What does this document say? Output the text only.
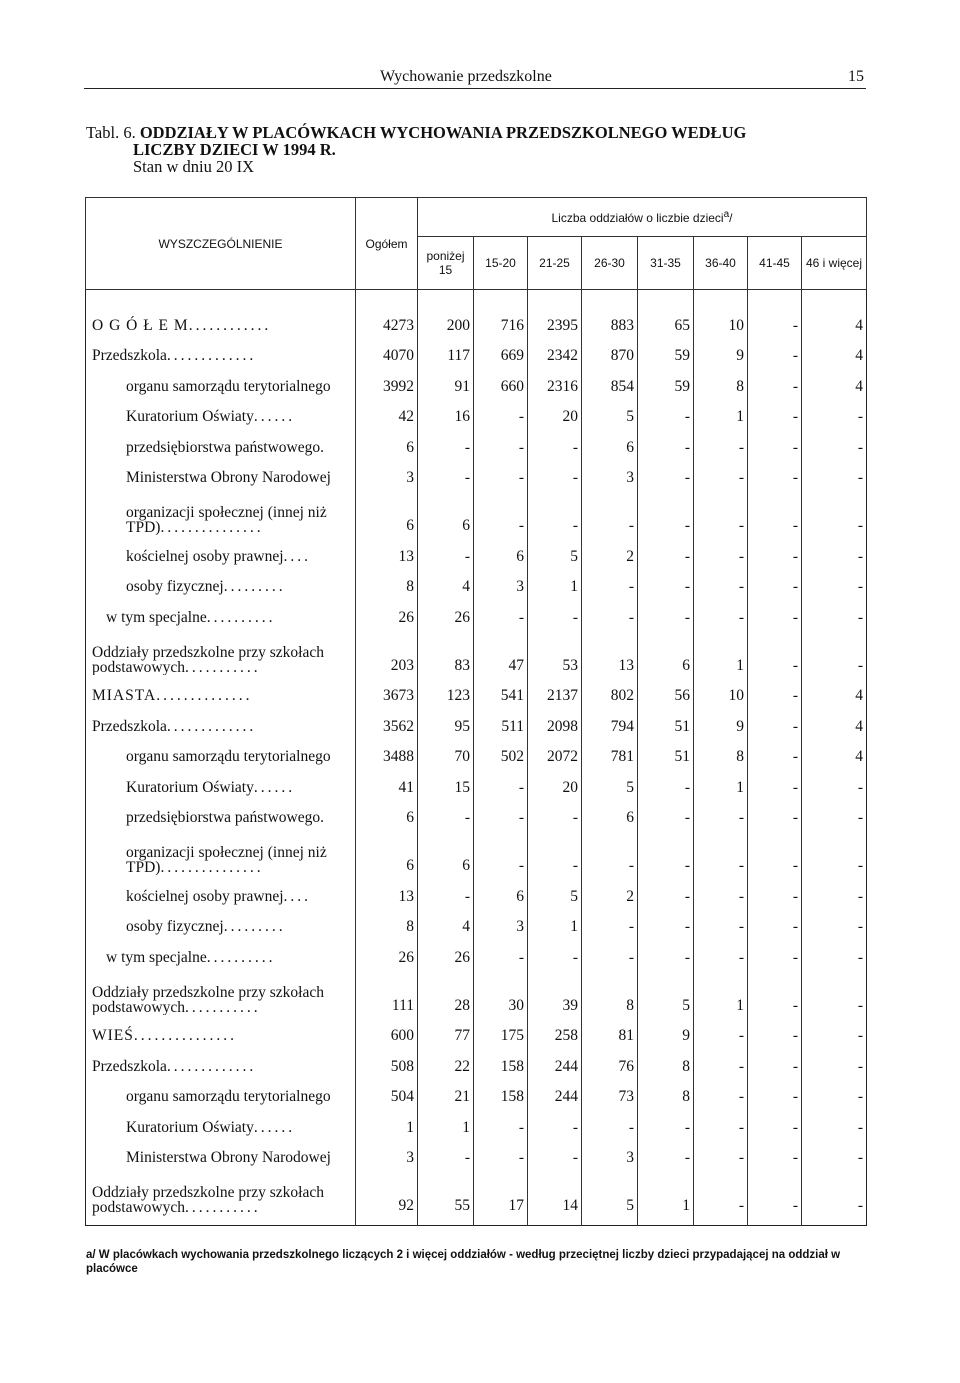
Wychowanie przedszkolne	15
Tabl. 6. ODDZIAŁY W PLACÓWKACH WYCHOWANIA PRZEDSZKOLNEGO WEDŁUG
LICZBY DZIECI W 1994 R.
Stan w dniu 20 IX
WYSZCZEGÓLNIENIE	Ogółem	Liczba oddziałów o liczbie dzieci$^a$/							
		poniżej 15	15-20	21-25	26-30	31-35	36-40	41-45	46 i więcej
O G Ó Ł E M............	4273	200	716	2395	883	65	10	-	4
Przedszkola.............	4070	117	669	2342	870	59	9	-	4
organu samorządu terytorialnego	3992	91	660	2316	854	59	8	-	4
Kuratorium Oświaty......	42	16	-	20	5	-	1	-	-
przedsiębiorstwa państwowego.	6	-	-	-	6	-	-	-	-
Ministerstwa Obrony Narodowej	3	-	-	-	3	-	-	-	-
organizacji społecznej (innej niż TPD)...............	6	6	-	-	-	-	-	-	-
kościelnej osoby prawnej....	13	-	6	5	2	-	-	-	-
osoby fizycznej.........	8	4	3	1	-	-	-	-	-
w tym specjalne..........	26	26	-	-	-	-	-	-	-
Oddziały przedszkolne przy szkołach podstawowych...........	203	83	47	53	13	6	1	-	-
MIASTA..............	3673	123	541	2137	802	56	10	-	4
Przedszkola.............	3562	95	511	2098	794	51	9	-	4
organu samorządu terytorialnego	3488	70	502	2072	781	51	8	-	4
Kuratorium Oświaty......	41	15	-	20	5	-	1	-	-
przedsiębiorstwa państwowego.	6	-	-	-	6	-	-	-	-
organizacji społecznej (innej niż TPD)...............	6	6	-	-	-	-	-	-	-
kościelnej osoby prawnej....	13	-	6	5	2	-	-	-	-
osoby fizycznej.........	8	4	3	1	-	-	-	-	-
w tym specjalne..........	26	26	-	-	-	-	-	-	-
Oddziały przedszkolne przy szkołach podstawowych...........	111	28	30	39	8	5	1	-	-
WIEŚ...............	600	77	175	258	81	9	-	-	-
Przedszkola.............	508	22	158	244	76	8	-	-	-
organu samorządu terytorialnego	504	21	158	244	73	8	-	-	-
Kuratorium Oświaty......	1	1	-	-	-	-	-	-	-
Ministerstwa Obrony Narodowej	3	-	-	-	3	-	-	-	-
Oddziały przedszkolne przy szkołach podstawowych...........	92	55	17	14	5	1	-	-	-
a/ W placówkach wychowania przedszkolnego liczących 2 i więcej oddziałów - według przeciętnej liczby dzieci przypadającej na oddział w placówce
